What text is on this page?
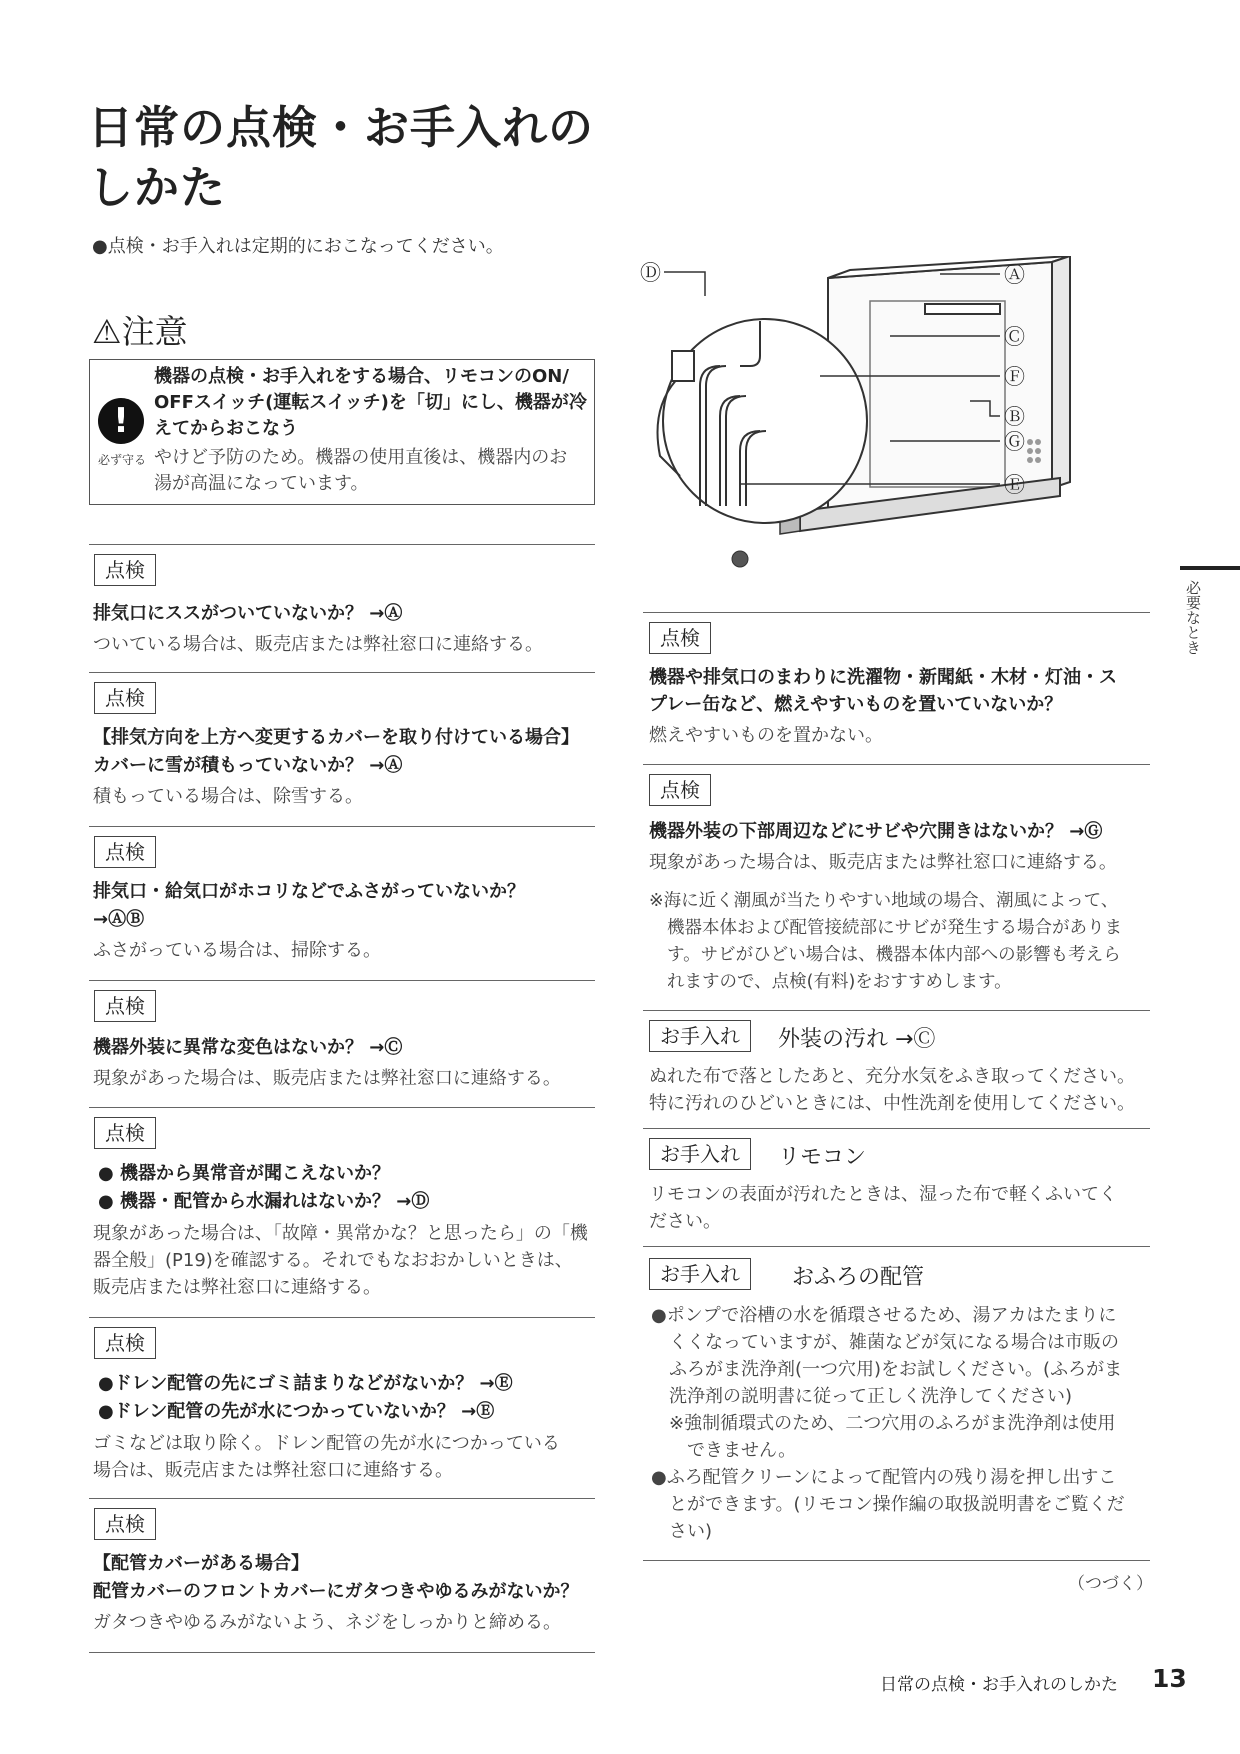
日常の点検・お手入れの
しかた
●点検・お手入れは定期的におこなってください。
⚠注意
!
必ず守る
機器の点検・お手入れをする場合、リモコンのON/
OFFスイッチ(運転スイッチ)を「切」にし、機器が冷
えてからおこなう
やけど予防のため。機器の使用直後は、機器内のお
湯が高温になっています。
点検
排気口にススがついていないか？ →Ⓐ
ついている場合は、販売店または弊社窓口に連絡する。
点検
【排気方向を上方へ変更するカバーを取り付けている場合】
カバーに雪が積もっていないか？ →Ⓐ
積もっている場合は、除雪する。
点検
排気口・給気口がホコリなどでふさがっていないか？
→ⒶⒷ
ふさがっている場合は、掃除する。
点検
機器外装に異常な変色はないか？ →Ⓒ
現象があった場合は、販売店または弊社窓口に連絡する。
点検
● 機器から異常音が聞こえないか？
● 機器・配管から水漏れはないか？ →Ⓓ
現象があった場合は、「故障・異常かな？と思ったら」の「機
器全般」(P19)を確認する。それでもなおおかしいときは、
販売店または弊社窓口に連絡する。
点検
●ドレン配管の先にゴミ詰まりなどがないか？ →Ⓔ
●ドレン配管の先が水につかっていないか？ →Ⓔ
ゴミなどは取り除く。ドレン配管の先が水につかっている
場合は、販売店または弊社窓口に連絡する。
点検
【配管カバーがある場合】
配管カバーのフロントカバーにガタつきやゆるみがないか？
ガタつきやゆるみがないよう、ネジをしっかりと締める。
Ⓓ	Ⓐ
Ⓒ
Ⓕ
Ⓑ
Ⓖ
Ⓔ
点検
機器や排気口のまわりに洗濯物・新聞紙・木材・灯油・ス
プレー缶など、燃えやすいものを置いていないか？
燃えやすいものを置かない。
点検
機器外装の下部周辺などにサビや穴開きはないか？ →Ⓖ
現象があった場合は、販売店または弊社窓口に連絡する。
※海に近く潮風が当たりやすい地域の場合、潮風によって、
機器本体および配管接続部にサビが発生する場合がありま
す。サビがひどい場合は、機器本体内部への影響も考えら
れますので、点検(有料)をおすすめします。
お手入れ	外装の汚れ →Ⓒ
ぬれた布で落としたあと、充分水気をふき取ってください。
特に汚れのひどいときには、中性洗剤を使用してください。
お手入れ	リモコン
リモコンの表面が汚れたときは、湿った布で軽くふいてく
ださい。
お手入れ	おふろの配管
●ポンプで浴槽の水を循環させるため、湯アカはたまりに
くくなっていますが、雑菌などが気になる場合は市販の
ふろがま洗浄剤(一つ穴用)をお試しください。(ふろがま
洗浄剤の説明書に従って正しく洗浄してください)
※強制循環式のため、二つ穴用のふろがま洗浄剤は使用
できません。
●ふろ配管クリーンによって配管内の残り湯を押し出すこ
とができます。(リモコン操作編の取扱説明書をご覧くだ
さい)
（つづく）
必要なとき
日常の点検・お手入れのしかた 13
